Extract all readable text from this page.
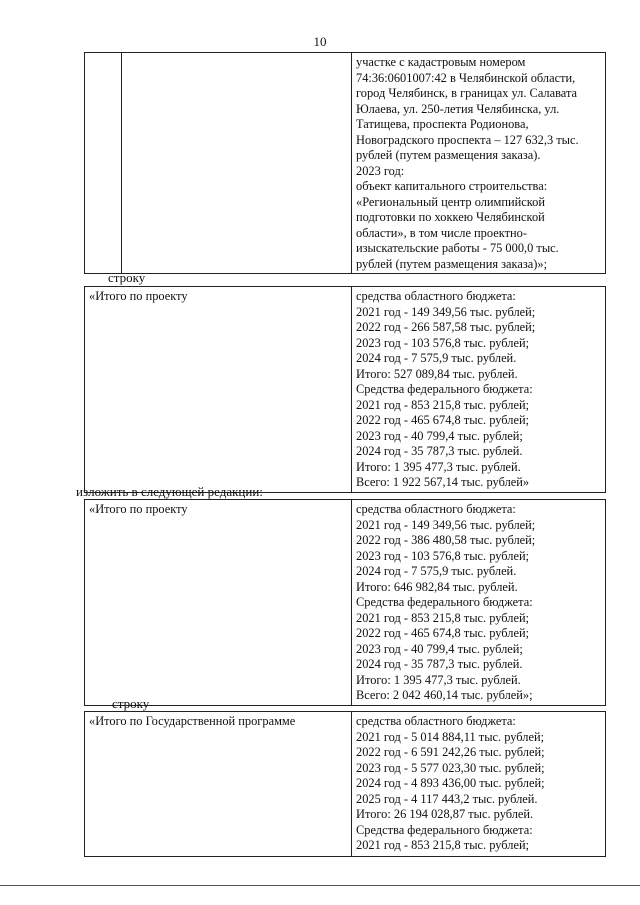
10

участке с кадастровым номером
74:36:0601007:42 в Челябинской области,
город Челябинск, в границах ул. Салавата
Юлаева, ул. 250-летия Челябинска, ул.
Татищева, проспекта Родионова,
Новоградского проспекта – 127 632,3 тыс.
рублей (путем размещения заказа).
2023 год:
объект капитального строительства:
«Региональный центр олимпийской
подготовки по хоккею Челябинской
области», в том числе проектно-
изыскательские работы - 75 000,0 тыс.
рублей (путем размещения заказа)»;
строку
«Итого по проекту	средства областного бюджета:
2021 год - 149 349,56 тыс. рублей;
2022 год - 266 587,58 тыс. рублей;
2023 год - 103 576,8 тыс. рублей;
2024 год - 7 575,9 тыс. рублей.
Итого: 527 089,84 тыс. рублей.
Средства федерального бюджета:
2021 год - 853 215,8 тыс. рублей;
2022 год - 465 674,8 тыс. рублей;
2023 год - 40 799,4 тыс. рублей;
2024 год - 35 787,3 тыс. рублей.
Итого: 1 395 477,3 тыс. рублей.
Всего: 1 922 567,14 тыс. рублей»
изложить в следующей редакции:
«Итого по проекту	средства областного бюджета:
2021 год - 149 349,56 тыс. рублей;
2022 год - 386 480,58 тыс. рублей;
2023 год - 103 576,8 тыс. рублей;
2024 год - 7 575,9 тыс. рублей.
Итого: 646 982,84 тыс. рублей.
Средства федерального бюджета:
2021 год - 853 215,8 тыс. рублей;
2022 год - 465 674,8 тыс. рублей;
2023 год - 40 799,4 тыс. рублей;
2024 год - 35 787,3 тыс. рублей.
Итого: 1 395 477,3 тыс. рублей.
Всего: 2 042 460,14 тыс. рублей»;
строку
«Итого по Государственной программе	средства областного бюджета:
2021 год - 5 014 884,11 тыс. рублей;
2022 год - 6 591 242,26 тыс. рублей;
2023 год - 5 577 023,30 тыс. рублей;
2024 год - 4 893 436,00 тыс. рублей;
2025 год - 4 117 443,2 тыс. рублей.
Итого: 26 194 028,87 тыс. рублей.
Средства федерального бюджета:
2021 год - 853 215,8 тыс. рублей;
